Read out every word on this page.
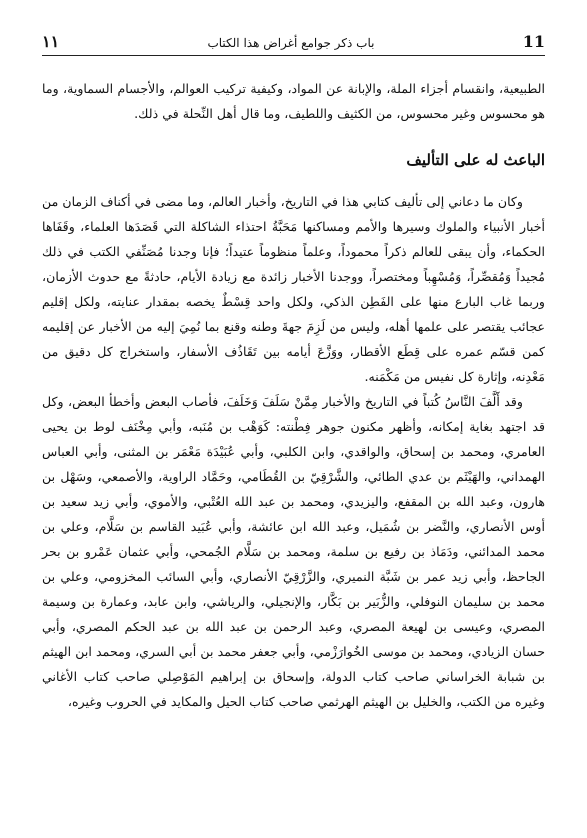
11
باب ذكر جوامع أغراض هذا الكتاب
١١

الطبيعية، وانقسام أجزاء الملة، والإبانة عن المواد، وكيفية تركيب العوالم، والأجسام السماوية، وما هو محسوس وغير محسوس، من الكثيف واللطيف، وما قال أهل النِّحلة في ذلك.

الباعث له على التأليف

وكان ما دعاني إلى تأليف كتابي هذا في التاريخ، وأخبار العالم، وما مضى في أكناف الزمان من أخبار الأنبياء والملوك وسيرها والأمم ومساكنها مَحَبَّةُ احتذاء الشاكلة التي قَصَدَها العلماء، وقَفَاها الحكماء، وأن يبقى للعالم ذكراً محموداً، وعلماً منظوماً عتيداً؛ فإنا وجدنا مُصَنِّفي الكتب في ذلك مُجيداً وَمُقصِّراً، وَمُسْهِباً ومختصراً، ووجدنا الأخبار زائدة مع زيادة الأيام، حادثةً مع حدوث الأزمان، وربما غاب البارع منها على الفَطِن الذكي، ولكل واحد قِسْطٌ يخصه بمقدار عنايته، ولكل إقليم عجائب يقتصر على علمها أهله، وليس من لَزِمَ جهةَ وطنه وقنع بما نُمِيَ إليه من الأخبار عن إقليمه كمن قسّم عمره على قِطَع الأقطار، ووَزَّعَ أيامه بين تَقَاذُف الأسفار، واستخراج كل دقيق من مَعْدِنه، وإثارة كل نفيس من مَكْمَنه.

وقد أَلَّفَ النَّاسُ كُتباً في التاريخ والأخبار مِمَّنْ سَلَفَ وَخَلَفَ، فأصاب البعض وأخطأ البعض، وكل قد اجتهد بغاية إمكانه، وأظهر مكنون جوهر فِطْنته: كَوَهْب بن مُنَبه، وأبي مِخْنَف لوط بن يحيى العامري، ومحمد بن إسحاق، والواقدي، وابن الكلبي، وأبي عُبَيْدَة مَعْمَر بن المثنى، وأبي العباس الهمداني، والهَيْثَم بن عدي الطائي، والشَّرْقِيّ بن القُطَامي، وحَمَّاد الراوية، والأصمعي، وسَهْل بن هارون، وعبد الله بن المقفع، واليزيدي، ومحمد بن عبد الله العُتْبي، والأموي، وأبي زيد سعيد بن أوس الأنصاري، والنَّضر بن شُمَيل، وعبد الله ابن عائشة، وأبي عُبَيد القاسم بن سَلَّام، وعلي بن محمد المدائني، ودَمَاذ بن رفيع بن سلمة، ومحمد بن سَلَّام الجُمحي، وأبي عثمان عَمْرو بن بحر الجاحظ، وأبي زيد عمر بن شَبَّة النميري، والزَّرْقِيّ الأنصاري، وأبي السائب المخزومي، وعلي بن محمد بن سليمان النوفلي، والزُّبَير بن بَكَّار، والإنجيلي، والرياشي، وابن عابد، وعمارة بن وسيمة المصري، وعيسى بن لهيعة المصري، وعبد الرحمن بن عبد الله بن عبد الحكم المصري، وأبي حسان الزيادي، ومحمد بن موسى الخُوارَزْمي، وأبي جعفر محمد بن أبي السري، ومحمد ابن الهيثم بن شبابة الخراساني صاحب كتاب الدولة، وإسحاق بن إبراهيم المَوْصِلي صاحب كتاب الأغاني وغيره من الكتب، والخليل بن الهيثم الهرثمي صاحب كتاب الحيل والمكايد في الحروب وغيره،
